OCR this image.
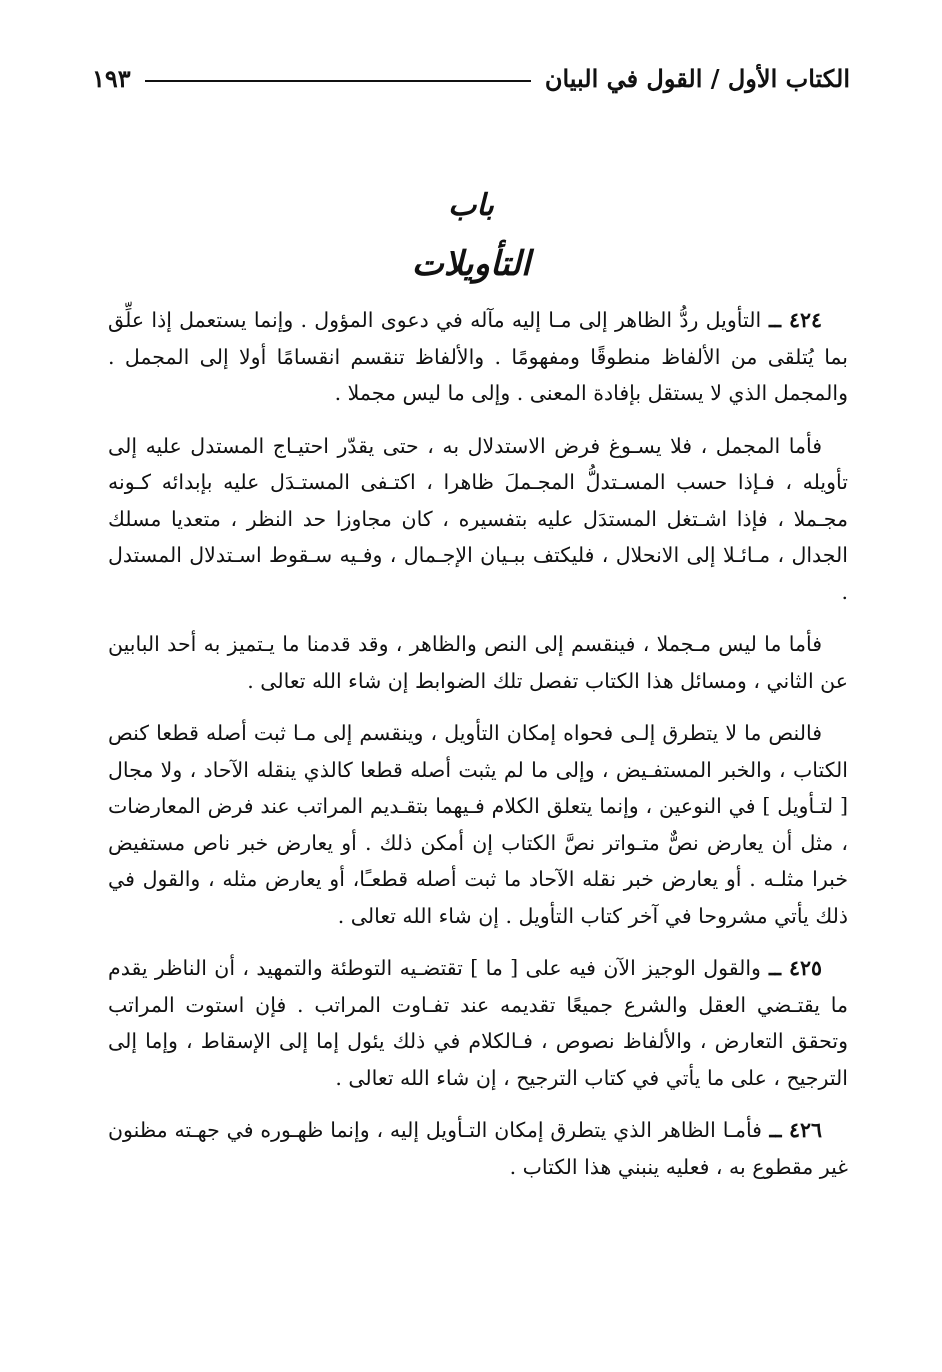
الكتاب الأول / القول في البيان
١٩٣
باب
التأويلات

٤٢٤ ــ التأويل ردُّ الظاهر إلى مـا إليه مآله في دعوى المؤول . وإنما يستعمل إذا علِّق بما يُتلقى من الألفاظ منطوقًا ومفهومًا . والألفاظ تنقسم انقسامًا أولا إلى المجمل . والمجمل الذي لا يستقل بإفادة المعنى . وإلى ما ليس مجملا .

فأما المجمل ، فلا يسـوغ فرض الاستدلال به ، حتى يقدّر احتيـاج المستدل عليه إلى تأويله ، فـإذا حسب المسـتدلُّ المجـملَ ظاهرا ، اكتـفى المستـدَل عليه بإبدائه كـونه مجـملا ، فإذا اشـتغل المستدَل عليه بتفسيره ، كان مجاوزا حد النظر ، متعديا مسلك الجدال ، مـائـلا إلى الانحلال ، فليكتف ببـيان الإجـمال ، وفـيه سـقوط اسـتدلال المستدل .

فأما ما ليس مـجملا ، فينقسم إلى النص والظاهر ، وقد قدمنا ما يـتميز به أحد البابين عن الثاني ، ومسائل هذا الكتاب تفصل تلك الضوابط إن شاء الله تعالى .

فالنص ما لا يتطرق إلـى فحواه إمكان التأويل ، وينقسم إلى مـا ثبت أصله قطعا كنص الكتاب ، والخبر المستفـيض ، وإلى ما لم يثبت أصله قطعا كالذي ينقله الآحاد ، ولا مجال [ لتـأويل ] في النوعين ، وإنما يتعلق الكلام فـيهما بتقـديم المراتب عند فرض المعارضات ، مثل أن يعارض نصٌّ متـواتر نصَّ الكتاب إن أمكن ذلك . أو يعارض خبر ناص مستفيض خبرا مثلـه . أو يعارض خبر نقله الآحاد ما ثبت أصله قطعـًا، أو يعارض مثله ، والقول في ذلك يأتي مشروحا في آخر كتاب التأويل . إن شاء الله تعالى .

٤٢٥ ــ والقول الوجيز الآن فيه على [ ما ] تقتضـيه التوطئة والتمهيد ، أن الناظر يقدم ما يقتـضي العقل والشرع جميعًا تقديمه عند تفـاوت المراتب . فإن استوت المراتب وتحقق التعارض ، والألفاظ نصوص ، فـالكلام في ذلك يئول إما إلى الإسقاط ، وإما إلى الترجيح ، على ما يأتي في كتاب الترجيح ، إن شاء الله تعالى .

٤٢٦ ــ فأمـا الظاهر الذي يتطرق إمكان التـأويل إليه ، وإنما ظهـوره في جهـته مظنون غير مقطوع به ، فعليه ينبني هذا الكتاب .
